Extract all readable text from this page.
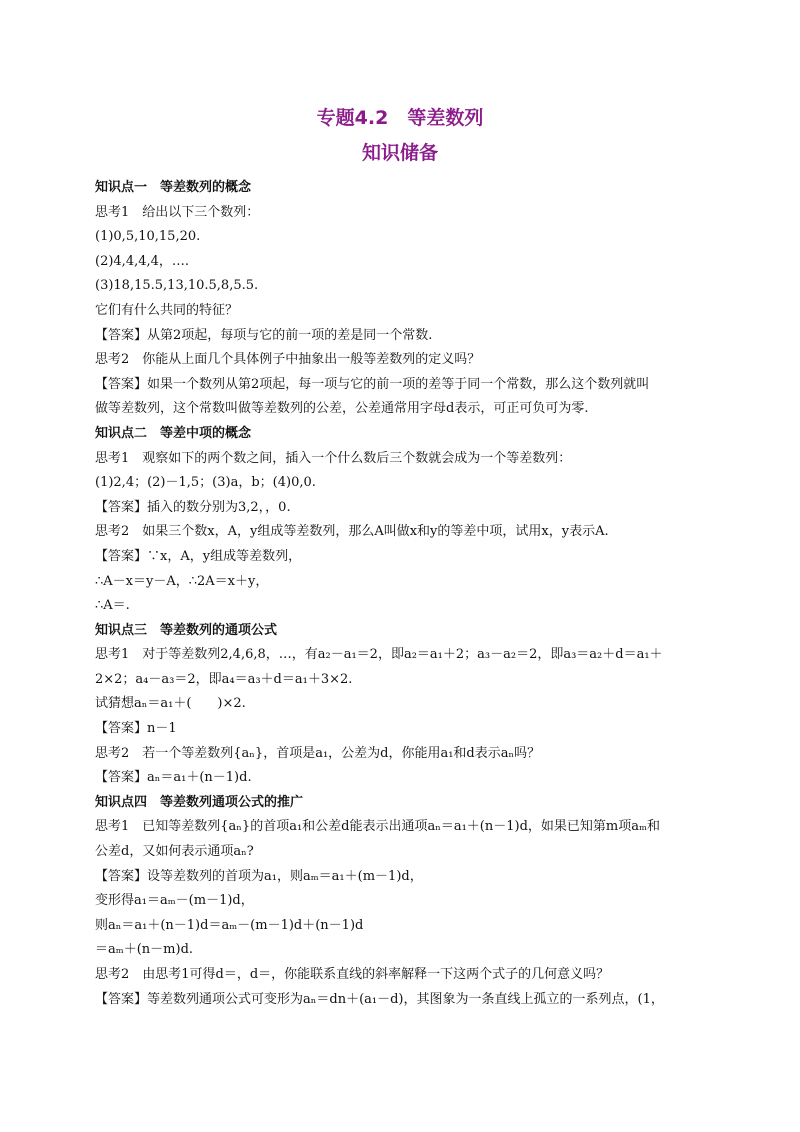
专题4.2　等差数列
知识储备
知识点一　等差数列的概念
思考1　给出以下三个数列：
(1)0,5,10,15,20.
(2)4,4,4,4，….
(3)18,15.5,13,10.5,8,5.5.
它们有什么共同的特征？
【答案】从第2项起，每项与它的前一项的差是同一个常数.
思考2　你能从上面几个具体例子中抽象出一般等差数列的定义吗？
【答案】如果一个数列从第2项起，每一项与它的前一项的差等于同一个常数，那么这个数列就叫
做等差数列，这个常数叫做等差数列的公差，公差通常用字母d表示，可正可负可为零.
知识点二　等差中项的概念
思考1　观察如下的两个数之间，插入一个什么数后三个数就会成为一个等差数列：
(1)2,4；(2)－1,5；(3)a，b；(4)0,0.
【答案】插入的数分别为3,2，，0.
思考2　如果三个数x，A，y组成等差数列，那么A叫做x和y的等差中项，试用x，y表示A.
【答案】∵x，A，y组成等差数列，
∴A－x＝y－A，∴2A＝x＋y，
∴A＝.
知识点三　等差数列的通项公式
思考1　对于等差数列2,4,6,8，…，有a₂－a₁＝2，即a₂＝a₁＋2；a₃－a₂＝2，即a₃＝a₂＋d＝a₁＋
2×2；a₄－a₃＝2，即a₄＝a₃＋d＝a₁＋3×2.
试猜想aₙ＝a₁＋(　　)×2.
【答案】n－1
思考2　若一个等差数列{aₙ}，首项是a₁，公差为d，你能用a₁和d表示aₙ吗？
【答案】aₙ＝a₁＋(n－1)d.
知识点四　等差数列通项公式的推广
思考1　已知等差数列{aₙ}的首项a₁和公差d能表示出通项aₙ＝a₁＋(n－1)d，如果已知第m项aₘ和
公差d，又如何表示通项aₙ?
【答案】设等差数列的首项为a₁，则aₘ＝a₁＋(m－1)d，
变形得a₁＝aₘ－(m－1)d，
则aₙ＝a₁＋(n－1)d＝aₘ－(m－1)d＋(n－1)d
＝aₘ＋(n－m)d.
思考2　由思考1可得d＝，d＝，你能联系直线的斜率解释一下这两个式子的几何意义吗？
【答案】等差数列通项公式可变形为aₙ＝dn＋(a₁－d)，其图象为一条直线上孤立的一系列点，(1，
